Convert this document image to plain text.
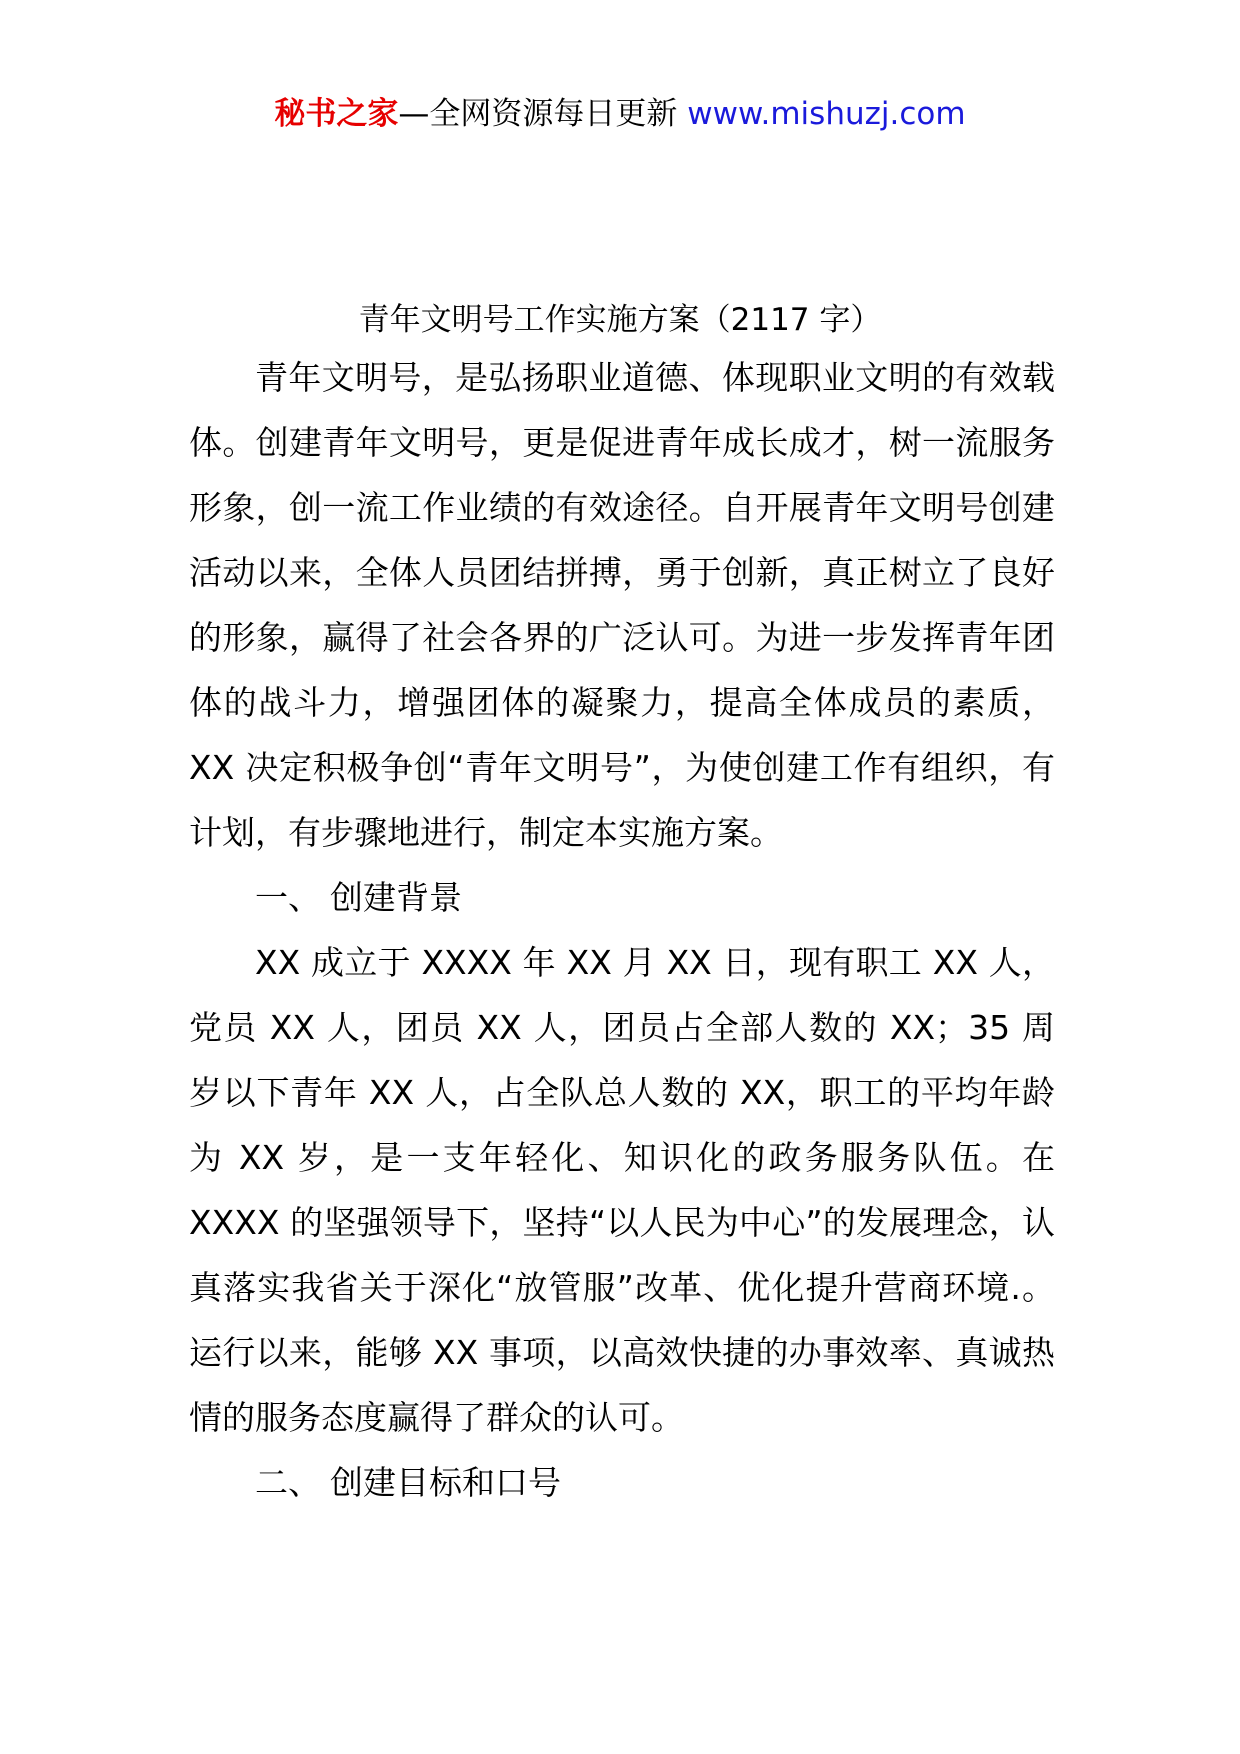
秘书之家—全网资源每日更新 www.mishuzj.com
青年文明号工作实施方案（2117 字）

青年文明号，是弘扬职业道德、体现职业文明的有效载体。创建青年文明号，更是促进青年成长成才，树一流服务形象，创一流工作业绩的有效途径。自开展青年文明号创建活动以来，全体人员团结拼搏，勇于创新，真正树立了良好的形象，赢得了社会各界的广泛认可。为进一步发挥青年团体的战斗力，增强团体的凝聚力，提高全体成员的素质，XX 决定积极争创“青年文明号”，为使创建工作有组织，有计划，有步骤地进行，制定本实施方案。

一、 创建背景

XX 成立于 XXXX 年 XX 月 XX 日，现有职工 XX 人，党员 XX 人，团员 XX 人，团员占全部人数的 XX；35 周岁以下青年 XX 人，占全队总人数的 XX，职工的平均年龄为 XX 岁，是一支年轻化、知识化的政务服务队伍。在 XXXX 的坚强领导下，坚持“以人民为中心”的发展理念，认真落实我省关于深化“放管服”改革、优化提升营商环境.。运行以来，能够 XX 事项，以高效快捷的办事效率、真诚热情的服务态度赢得了群众的认可。

二、 创建目标和口号
